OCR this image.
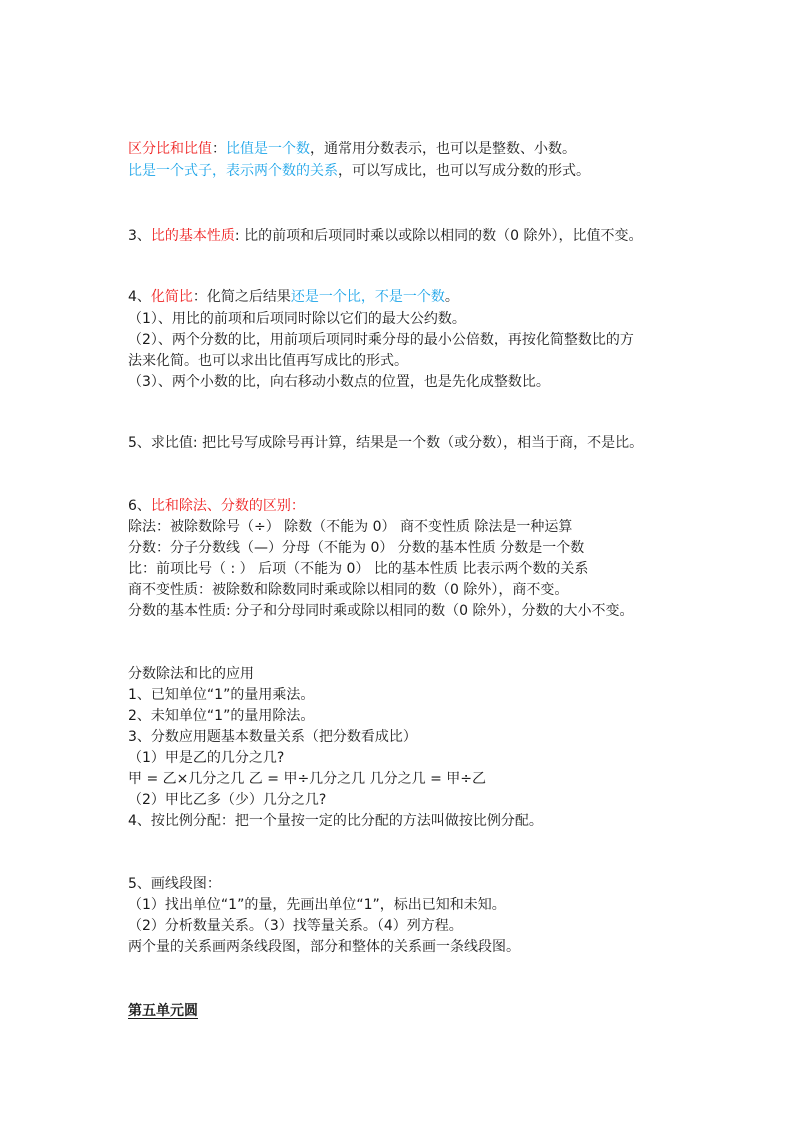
区分比和比值：比值是一个数，通常用分数表示，也可以是整数、小数。
比是一个式子，表示两个数的关系，可以写成比，也可以写成分数的形式。
3、比的基本性质: 比的前项和后项同时乘以或除以相同的数（0 除外），比值不变。
4、化简比：化简之后结果还是一个比，不是一个数。
（1）、用比的前项和后项同时除以它们的最大公约数。
（2）、两个分数的比，用前项后项同时乘分母的最小公倍数，再按化简整数比的方
法来化简。也可以求出比值再写成比的形式。
（3）、两个小数的比，向右移动小数点的位置，也是先化成整数比。
5、求比值: 把比号写成除号再计算，结果是一个数（或分数），相当于商，不是比。
6、比和除法、分数的区别：
除法：被除数除号（÷） 除数（不能为 0） 商不变性质 除法是一种运算
分数：分子分数线（—）分母（不能为 0） 分数的基本性质 分数是一个数
比：前项比号（ : ） 后项（不能为 0） 比的基本性质 比表示两个数的关系
商不变性质：被除数和除数同时乘或除以相同的数（0 除外），商不变。
分数的基本性质: 分子和分母同时乘或除以相同的数（0 除外），分数的大小不变。
分数除法和比的应用
1、已知单位“1”的量用乘法。
2、未知单位“1”的量用除法。
3、分数应用题基本数量关系（把分数看成比）
（1）甲是乙的几分之几?
甲 = 乙×几分之几 乙 = 甲÷几分之几 几分之几 = 甲÷乙
（2）甲比乙多（少）几分之几?
4、按比例分配：把一个量按一定的比分配的方法叫做按比例分配。
5、画线段图：
（1）找出单位“1”的量，先画出单位“1”，标出已知和未知。
（2）分析数量关系。（3）找等量关系。（4）列方程。
两个量的关系画两条线段图，部分和整体的关系画一条线段图。
第五单元圆
